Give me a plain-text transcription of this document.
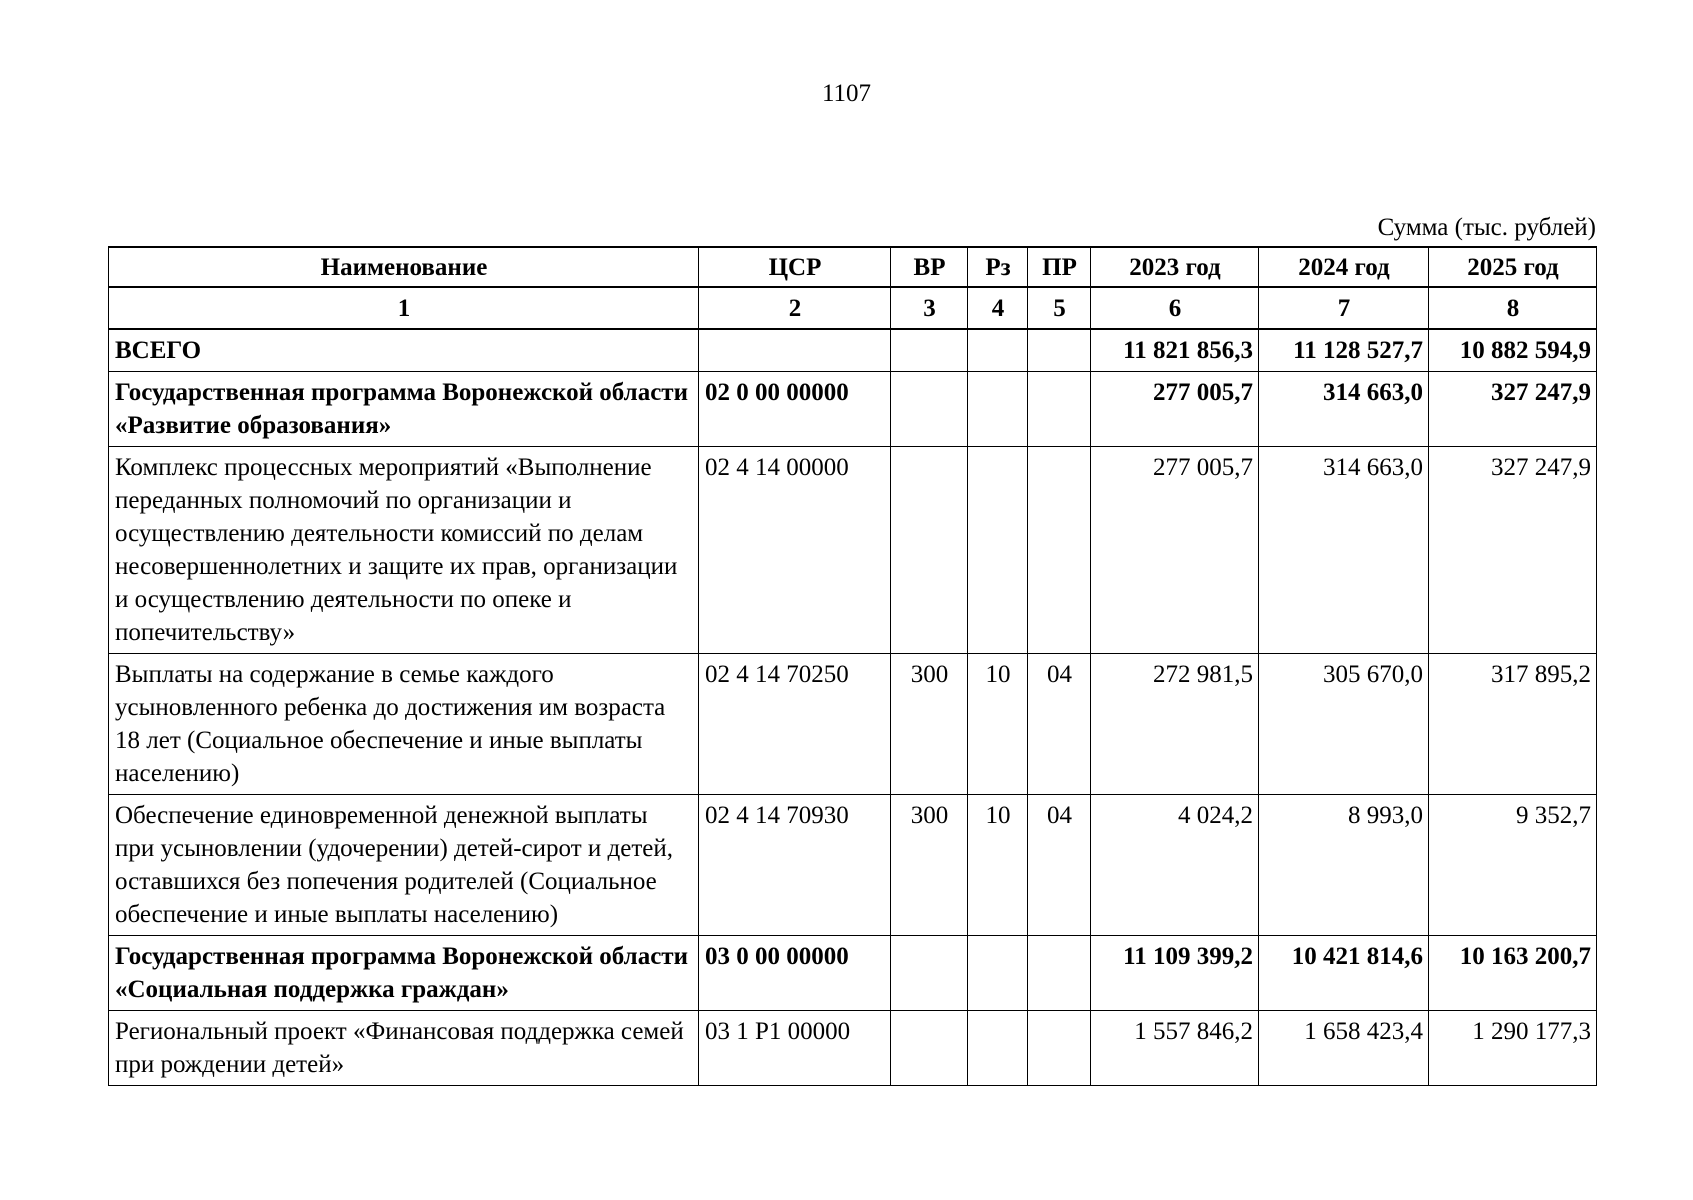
1107
Сумма (тыс. рублей)
Наименование	ЦСР	ВР	Рз	ПР	2023 год	2024 год	2025 год
1	2	3	4	5	6	7	8
ВСЕГО					11 821 856,3	11 128 527,7	10 882 594,9
Государственная программа Воронежской области «Развитие образования»	02 0 00 00000				277 005,7	314 663,0	327 247,9
Комплекс процессных мероприятий «Выполнение переданных полномочий по организации и осуществлению деятельности комиссий по делам несовершеннолетних и защите их прав, организации и осуществлению деятельности по опеке и попечительству»	02 4 14 00000				277 005,7	314 663,0	327 247,9
Выплаты на содержание в семье каждого усыновленного ребенка до достижения им возраста 18 лет (Социальное обеспечение и иные выплаты населению)	02 4 14 70250	300	10	04	272 981,5	305 670,0	317 895,2
Обеспечение единовременной денежной выплаты при усыновлении (удочерении) детей-сирот и детей, оставшихся без попечения родителей (Социальное обеспечение и иные выплаты населению)	02 4 14 70930	300	10	04	4 024,2	8 993,0	9 352,7
Государственная программа Воронежской области «Социальная поддержка граждан»	03 0 00 00000				11 109 399,2	10 421 814,6	10 163 200,7
Региональный проект «Финансовая поддержка семей при рождении детей»	03 1 Р1 00000				1 557 846,2	1 658 423,4	1 290 177,3
